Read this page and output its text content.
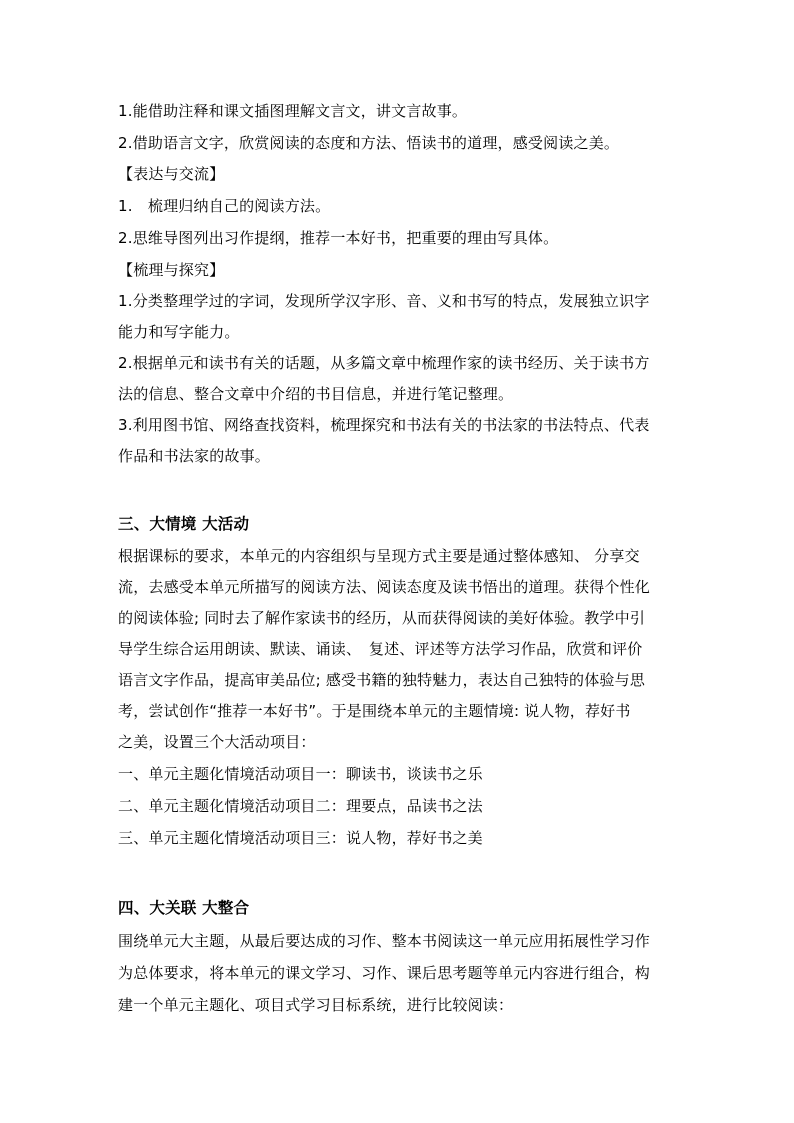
1.能借助注释和课文插图理解文言文，讲文言故事。
2.借助语言文字，欣赏阅读的态度和方法、悟读书的道理，感受阅读之美。
【表达与交流】
1.　梳理归纳自己的阅读方法。
2.思维导图列出习作提纲，推荐一本好书，把重要的理由写具体。
【梳理与探究】
1.分类整理学过的字词，发现所学汉字形、音、义和书写的特点，发展独立识字
能力和写字能力。
2.根据单元和读书有关的话题，从多篇文章中梳理作家的读书经历、关于读书方
法的信息、整合文章中介绍的书目信息，并进行笔记整理。
3.利用图书馆、网络查找资料，梳理探究和书法有关的书法家的书法特点、代表
作品和书法家的故事。
三、大情境 大活动
根据课标的要求，本单元的内容组织与呈现方式主要是通过整体感知、 分享交
流，去感受本单元所描写的阅读方法、阅读态度及读书悟出的道理。获得个性化
的阅读体验; 同时去了解作家读书的经历，从而获得阅读的美好体验。教学中引
导学生综合运用朗读、默读、诵读、　复述、评述等方法学习作品，欣赏和评价
语言文字作品，提高审美品位; 感受书籍的独特魅力，表达自己独特的体验与思
考，尝试创作“推荐一本好书”。于是围绕本单元的主题情境: 说人物，荐好书
之美，设置三个大活动项目：
一、单元主题化情境活动项目一：聊读书，谈读书之乐
二、单元主题化情境活动项目二：理要点，品读书之法
三、单元主题化情境活动项目三：说人物，荐好书之美
四、大关联 大整合
围绕单元大主题，从最后要达成的习作、整本书阅读这一单元应用拓展性学习作
为总体要求，将本单元的课文学习、习作、课后思考题等单元内容进行组合，构
建一个单元主题化、项目式学习目标系统，进行比较阅读：
